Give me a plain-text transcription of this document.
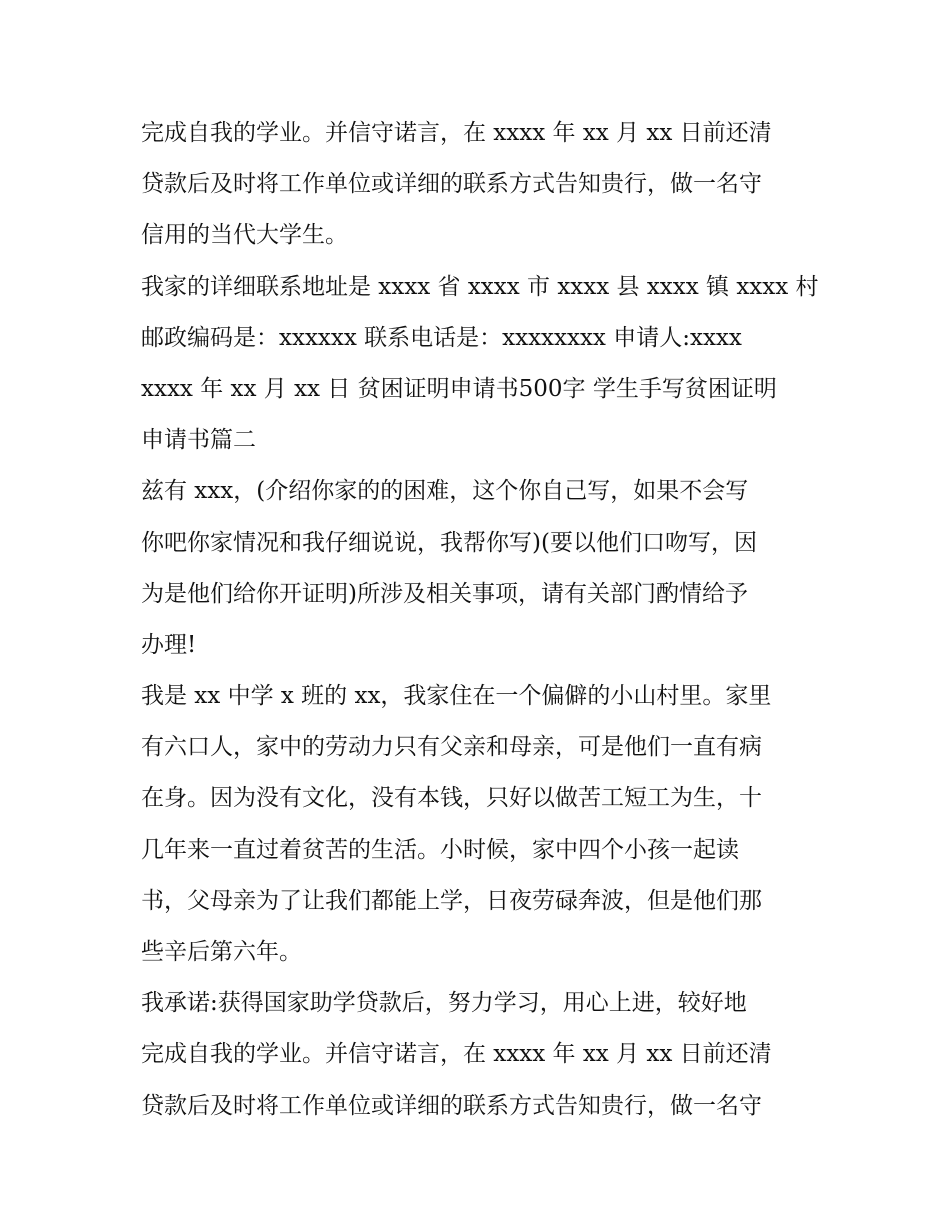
完成自我的学业。并信守诺言，在 xxxx 年 xx 月 xx 日前还清
贷款后及时将工作单位或详细的联系方式告知贵行，做一名守
信用的当代大学生。
我家的详细联系地址是 xxxx 省 xxxx 市 xxxx 县 xxxx 镇 xxxx 村
邮政编码是：xxxxxx 联系电话是：xxxxxxxx 申请人:xxxx
xxxx 年 xx 月 xx 日 贫困证明申请书500字 学生手写贫困证明
申请书篇二
兹有 xxx，(介绍你家的的困难，这个你自己写，如果不会写
你吧你家情况和我仔细说说，我帮你写)(要以他们口吻写，因
为是他们给你开证明)所涉及相关事项，请有关部门酌情给予
办理!
我是 xx 中学 x 班的 xx，我家住在一个偏僻的小山村里。家里
有六口人，家中的劳动力只有父亲和母亲，可是他们一直有病
在身。因为没有文化，没有本钱，只好以做苦工短工为生，十
几年来一直过着贫苦的生活。小时候，家中四个小孩一起读
书，父母亲为了让我们都能上学，日夜劳碌奔波，但是他们那
些辛后第六年。
我承诺:获得国家助学贷款后，努力学习，用心上进，较好地
完成自我的学业。并信守诺言，在 xxxx 年 xx 月 xx 日前还清
贷款后及时将工作单位或详细的联系方式告知贵行，做一名守
